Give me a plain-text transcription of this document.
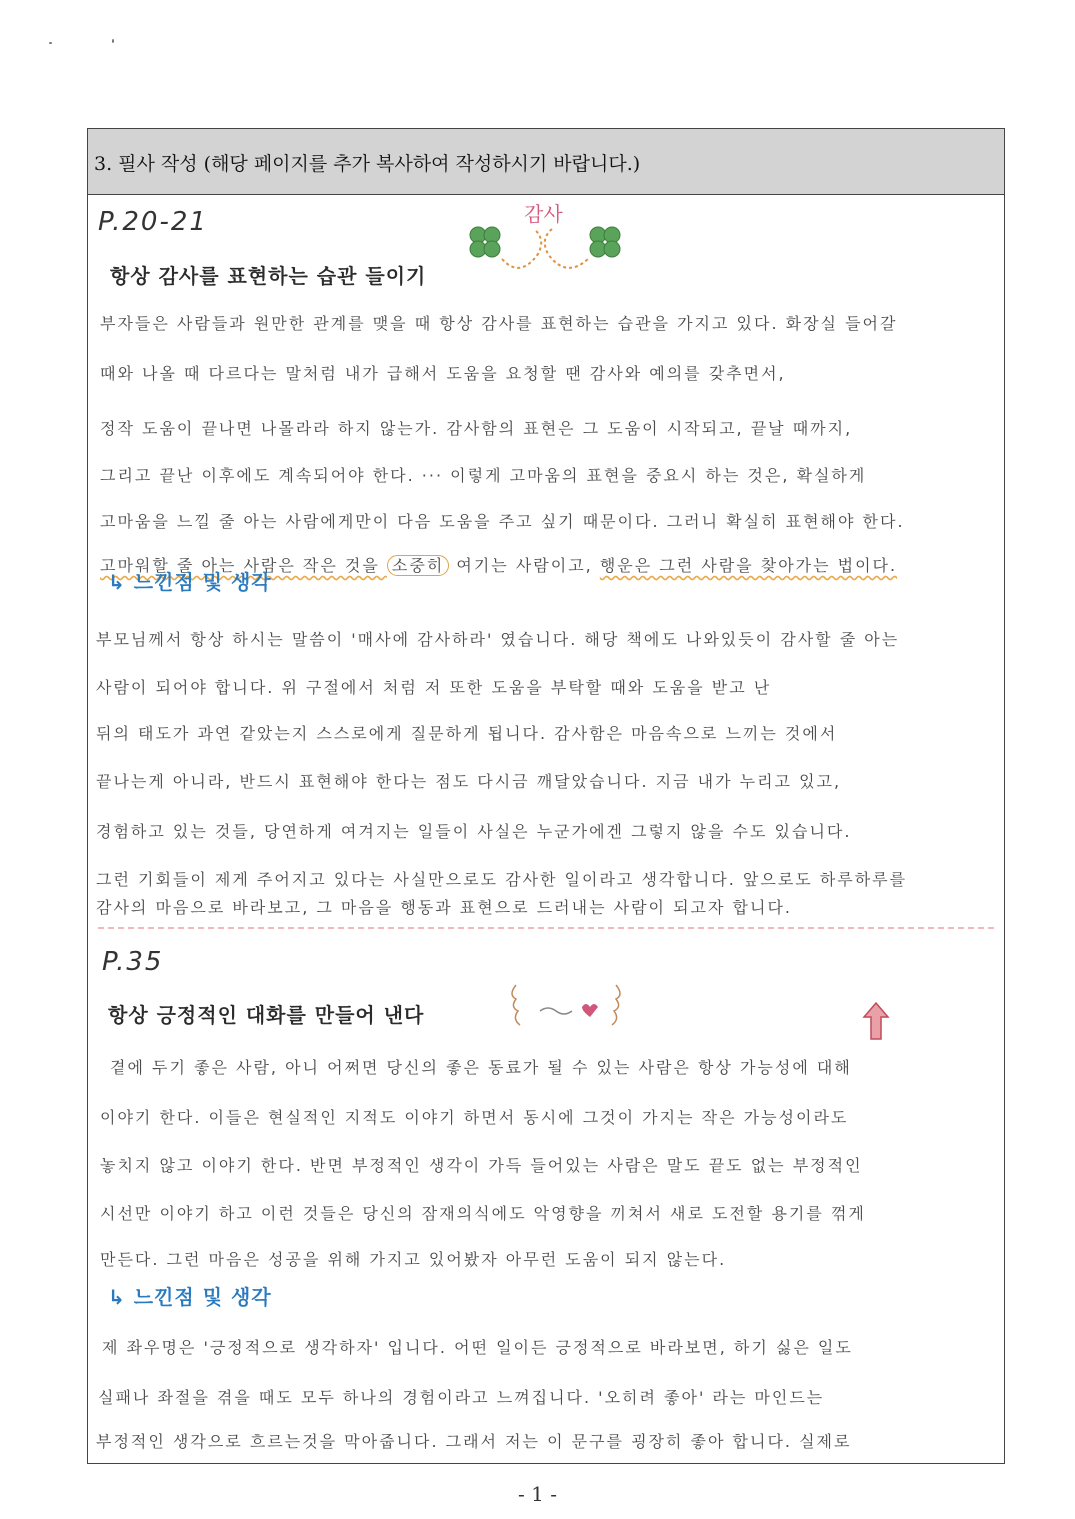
3. 필사 작성 (해당 페이지를 추가 복사하여 작성하시기 바랍니다.)
P.20-21	감사
항상 감사를 표현하는 습관 들이기
부자들은 사람들과 원만한 관계를 맺을 때 항상 감사를 표현하는 습관을 가지고 있다. 화장실 들어갈
때와 나올 때 다르다는 말처럼 내가 급해서 도움을 요청할 땐 감사와 예의를 갖추면서,
정작 도움이 끝나면 나몰라라 하지 않는가. 감사함의 표현은 그 도움이 시작되고, 끝날 때까지,
그리고 끝난 이후에도 계속되어야 한다. ··· 이렇게 고마움의 표현을 중요시 하는 것은, 확실하게
고마움을 느낄 줄 아는 사람에게만이 다음 도움을 주고 싶기 때문이다. 그러니 확실히 표현해야 한다.
고마워할 줄 아는 사람은 작은 것을 소중히 여기는 사람이고, 행운은 그런 사람을 찾아가는 법이다.
↳ 느낀점 및 생각
부모님께서 항상 하시는 말씀이 '매사에 감사하라' 였습니다. 해당 책에도 나와있듯이 감사할 줄 아는
사람이 되어야 합니다. 위 구절에서 처럼 저 또한 도움을 부탁할 때와 도움을 받고 난
뒤의 태도가 과연 같았는지 스스로에게 질문하게 됩니다. 감사함은 마음속으로 느끼는 것에서
끝나는게 아니라, 반드시 표현해야 한다는 점도 다시금 깨달았습니다. 지금 내가 누리고 있고,
경험하고 있는 것들, 당연하게 여겨지는 일들이 사실은 누군가에겐 그렇지 않을 수도 있습니다.
그런 기회들이 제게 주어지고 있다는 사실만으로도 감사한 일이라고 생각합니다. 앞으로도 하루하루를
감사의 마음으로 바라보고, 그 마음을 행동과 표현으로 드러내는 사람이 되고자 합니다.
P.35
항상 긍정적인 대화를 만들어 낸다
곁에 두기 좋은 사람, 아니 어쩌면 당신의 좋은 동료가 될 수 있는 사람은 항상 가능성에 대해
이야기 한다. 이들은 현실적인 지적도 이야기 하면서 동시에 그것이 가지는 작은 가능성이라도
놓치지 않고 이야기 한다. 반면 부정적인 생각이 가득 들어있는 사람은 말도 끝도 없는 부정적인
시선만 이야기 하고 이런 것들은 당신의 잠재의식에도 악영향을 끼쳐서 새로 도전할 용기를 꺾게
만든다. 그런 마음은 성공을 위해 가지고 있어봤자 아무런 도움이 되지 않는다.
↳ 느낀점 및 생각
제 좌우명은 '긍정적으로 생각하자' 입니다. 어떤 일이든 긍정적으로 바라보면, 하기 싫은 일도
실패나 좌절을 겪을 때도 모두 하나의 경험이라고 느껴집니다. '오히려 좋아' 라는 마인드는
부정적인 생각으로 흐르는것을 막아줍니다. 그래서 저는 이 문구를 굉장히 좋아 합니다. 실제로
- 1 -
